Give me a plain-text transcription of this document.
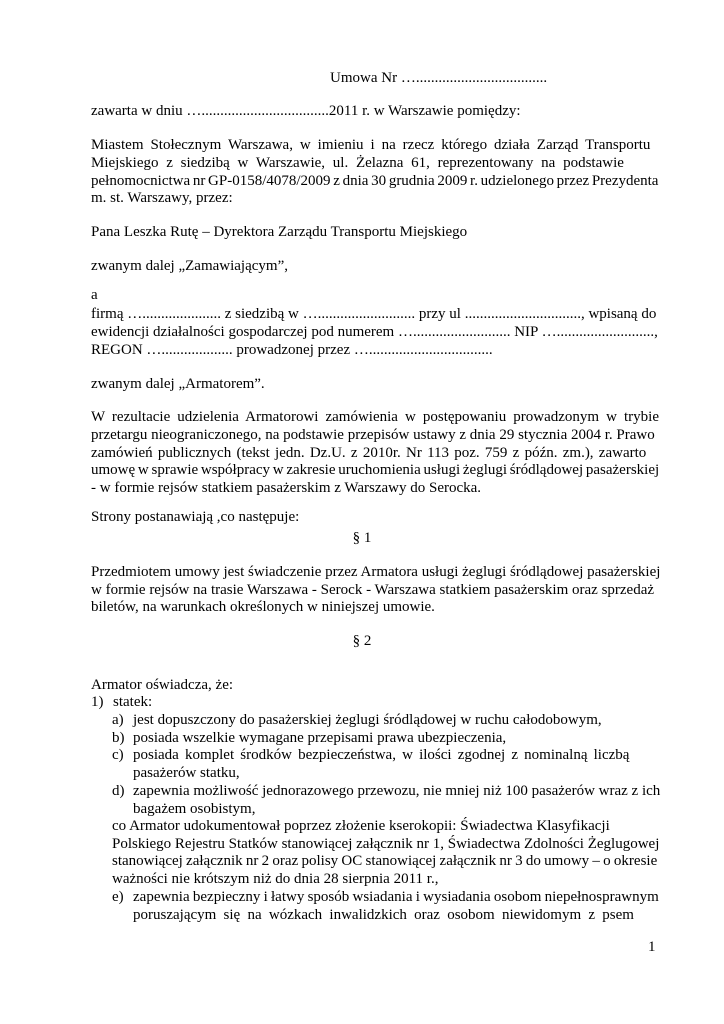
Umowa Nr …...................................
zawarta w dniu …..................................2011 r. w Warszawie pomiędzy:
Miastem Stołecznym Warszawa, w imieniu i na rzecz którego działa Zarząd Transportu
Miejskiego z siedzibą w Warszawie, ul. Żelazna 61, reprezentowany na podstawie
pełnomocnictwa nr GP-0158/4078/2009 z dnia 30 grudnia 2009 r. udzielonego przez Prezydenta
m. st. Warszawy, przez:
Pana Leszka Rutę – Dyrektora Zarządu Transportu Miejskiego
zwanym dalej „Zamawiającym”,
a
firmą …..................... z siedzibą w ….......................... przy ul ..............................., wpisaną do
ewidencji działalności gospodarczej pod numerem ….......................... NIP …..........................,
REGON …................... prowadzonej przez ….................................
zwanym dalej „Armatorem”.
W rezultacie udzielenia Armatorowi zamówienia w postępowaniu prowadzonym w trybie
przetargu nieograniczonego, na podstawie przepisów ustawy z dnia 29 stycznia 2004 r. Prawo
zamówień publicznych (tekst jedn. Dz.U. z 2010r. Nr 113 poz. 759 z późn. zm.), zawarto
umowę w sprawie współpracy w zakresie uruchomienia usługi żeglugi śródlądowej pasażerskiej
- w formie rejsów statkiem pasażerskim z Warszawy do Serocka.
Strony postanawiają ,co następuje:
§ 1
Przedmiotem umowy jest świadczenie przez Armatora usługi żeglugi śródlądowej pasażerskiej
w formie rejsów na trasie Warszawa - Serock - Warszawa statkiem pasażerskim oraz sprzedaż
biletów, na warunkach określonych w niniejszej umowie.
§ 2
Armator oświadcza, że:
1) statek:
a) jest dopuszczony do pasażerskiej żeglugi śródlądowej w ruchu całodobowym,
b) posiada wszelkie wymagane przepisami prawa ubezpieczenia,
c) posiada komplet środków bezpieczeństwa, w ilości zgodnej z nominalną liczbą
pasażerów statku,
d) zapewnia możliwość jednorazowego przewozu, nie mniej niż 100 pasażerów wraz z ich
bagażem osobistym,
co Armator udokumentował poprzez złożenie kserokopii: Świadectwa Klasyfikacji
Polskiego Rejestru Statków stanowiącej załącznik nr 1, Świadectwa Zdolności Żeglugowej
stanowiącej załącznik nr 2 oraz polisy OC stanowiącej załącznik nr 3 do umowy – o okresie
ważności nie krótszym niż do dnia 28 sierpnia 2011 r.,
e) zapewnia bezpieczny i łatwy sposób wsiadania i wysiadania osobom niepełnosprawnym
poruszającym się na wózkach inwalidzkich oraz osobom niewidomym z psem
1
